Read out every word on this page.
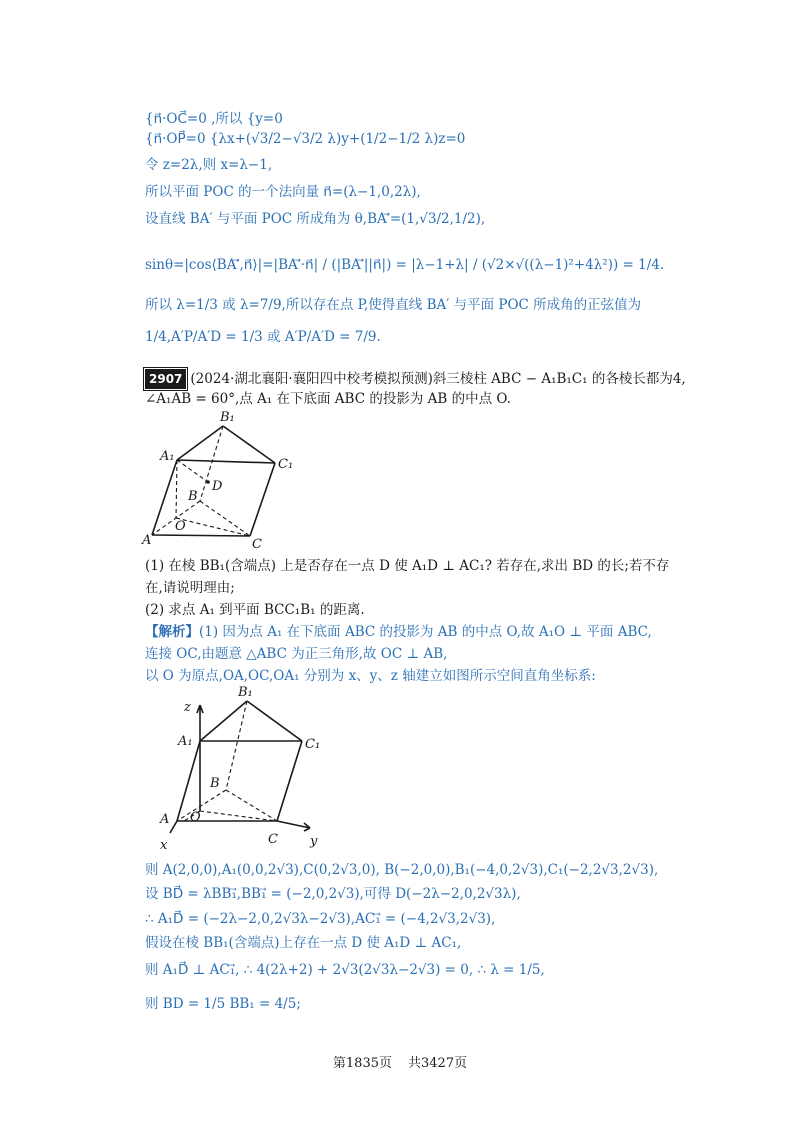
{n⃗·OC⃗=0 ,所以 {y=0
{n⃗·OP⃗=0 {λx+(√3/2−√3/2 λ)y+(1/2−1/2 λ)z=0
令 z=2λ,则 x=λ−1,
所以平面 POC 的一个法向量 n⃗=(λ−1,0,2λ),
设直线 BA′ 与平面 POC 所成角为 θ,BA′⃗=(1,√3/2,1/2),
sinθ=|cos⟨BA′⃗,n⃗⟩|=|BA′⃗·n⃗| / (|BA′⃗||n⃗|) = |λ−1+λ| / (√2×√((λ−1)²+4λ²)) = 1/4.
所以 λ=1/3 或 λ=7/9,所以存在点 P,使得直线 BA′ 与平面 POC 所成角的正弦值为
1/4,A′P/A′D = 1/3 或 A′P/A′D = 7/9.
2907 (2024·湖北襄阳·襄阳四中校考模拟预测)斜三棱柱 ABC − A₁B₁C₁ 的各棱长都为4,
∠A₁AB = 60°,点 A₁ 在下底面 ABC 的投影为 AB 的中点 O.
B₁
A₁
C₁
D
B
O
A	C
(1) 在棱 BB₁(含端点) 上是否存在一点 D 使 A₁D ⊥ AC₁? 若存在,求出 BD 的长;若不存
在,请说明理由;
(2) 求点 A₁ 到平面 BCC₁B₁ 的距离.
【解析】(1) 因为点 A₁ 在下底面 ABC 的投影为 AB 的中点 O,故 A₁O ⊥ 平面 ABC,
连接 OC,由题意 △ABC 为正三角形,故 OC ⊥ AB,
以 O 为原点,OA,OC,OA₁ 分别为 x、y、z 轴建立如图所示空间直角坐标系:
B₁
z
A₁	C₁
B
A O
C
x	y
则 A(2,0,0),A₁(0,0,2√3),C(0,2√3,0), B(−2,0,0),B₁(−4,0,2√3),C₁(−2,2√3,2√3),
设 BD⃗ = λBB₁⃗,BB₁⃗ = (−2,0,2√3),可得 D(−2λ−2,0,2√3λ),
∴ A₁D⃗ = (−2λ−2,0,2√3λ−2√3),AC₁⃗ = (−4,2√3,2√3),
假设在棱 BB₁(含端点)上存在一点 D 使 A₁D ⊥ AC₁,
则 A₁D⃗ ⊥ AC₁⃗, ∴ 4(2λ+2) + 2√3(2√3λ−2√3) = 0, ∴ λ = 1/5,
则 BD = 1/5 BB₁ = 4/5;
第1835页 共3427页
